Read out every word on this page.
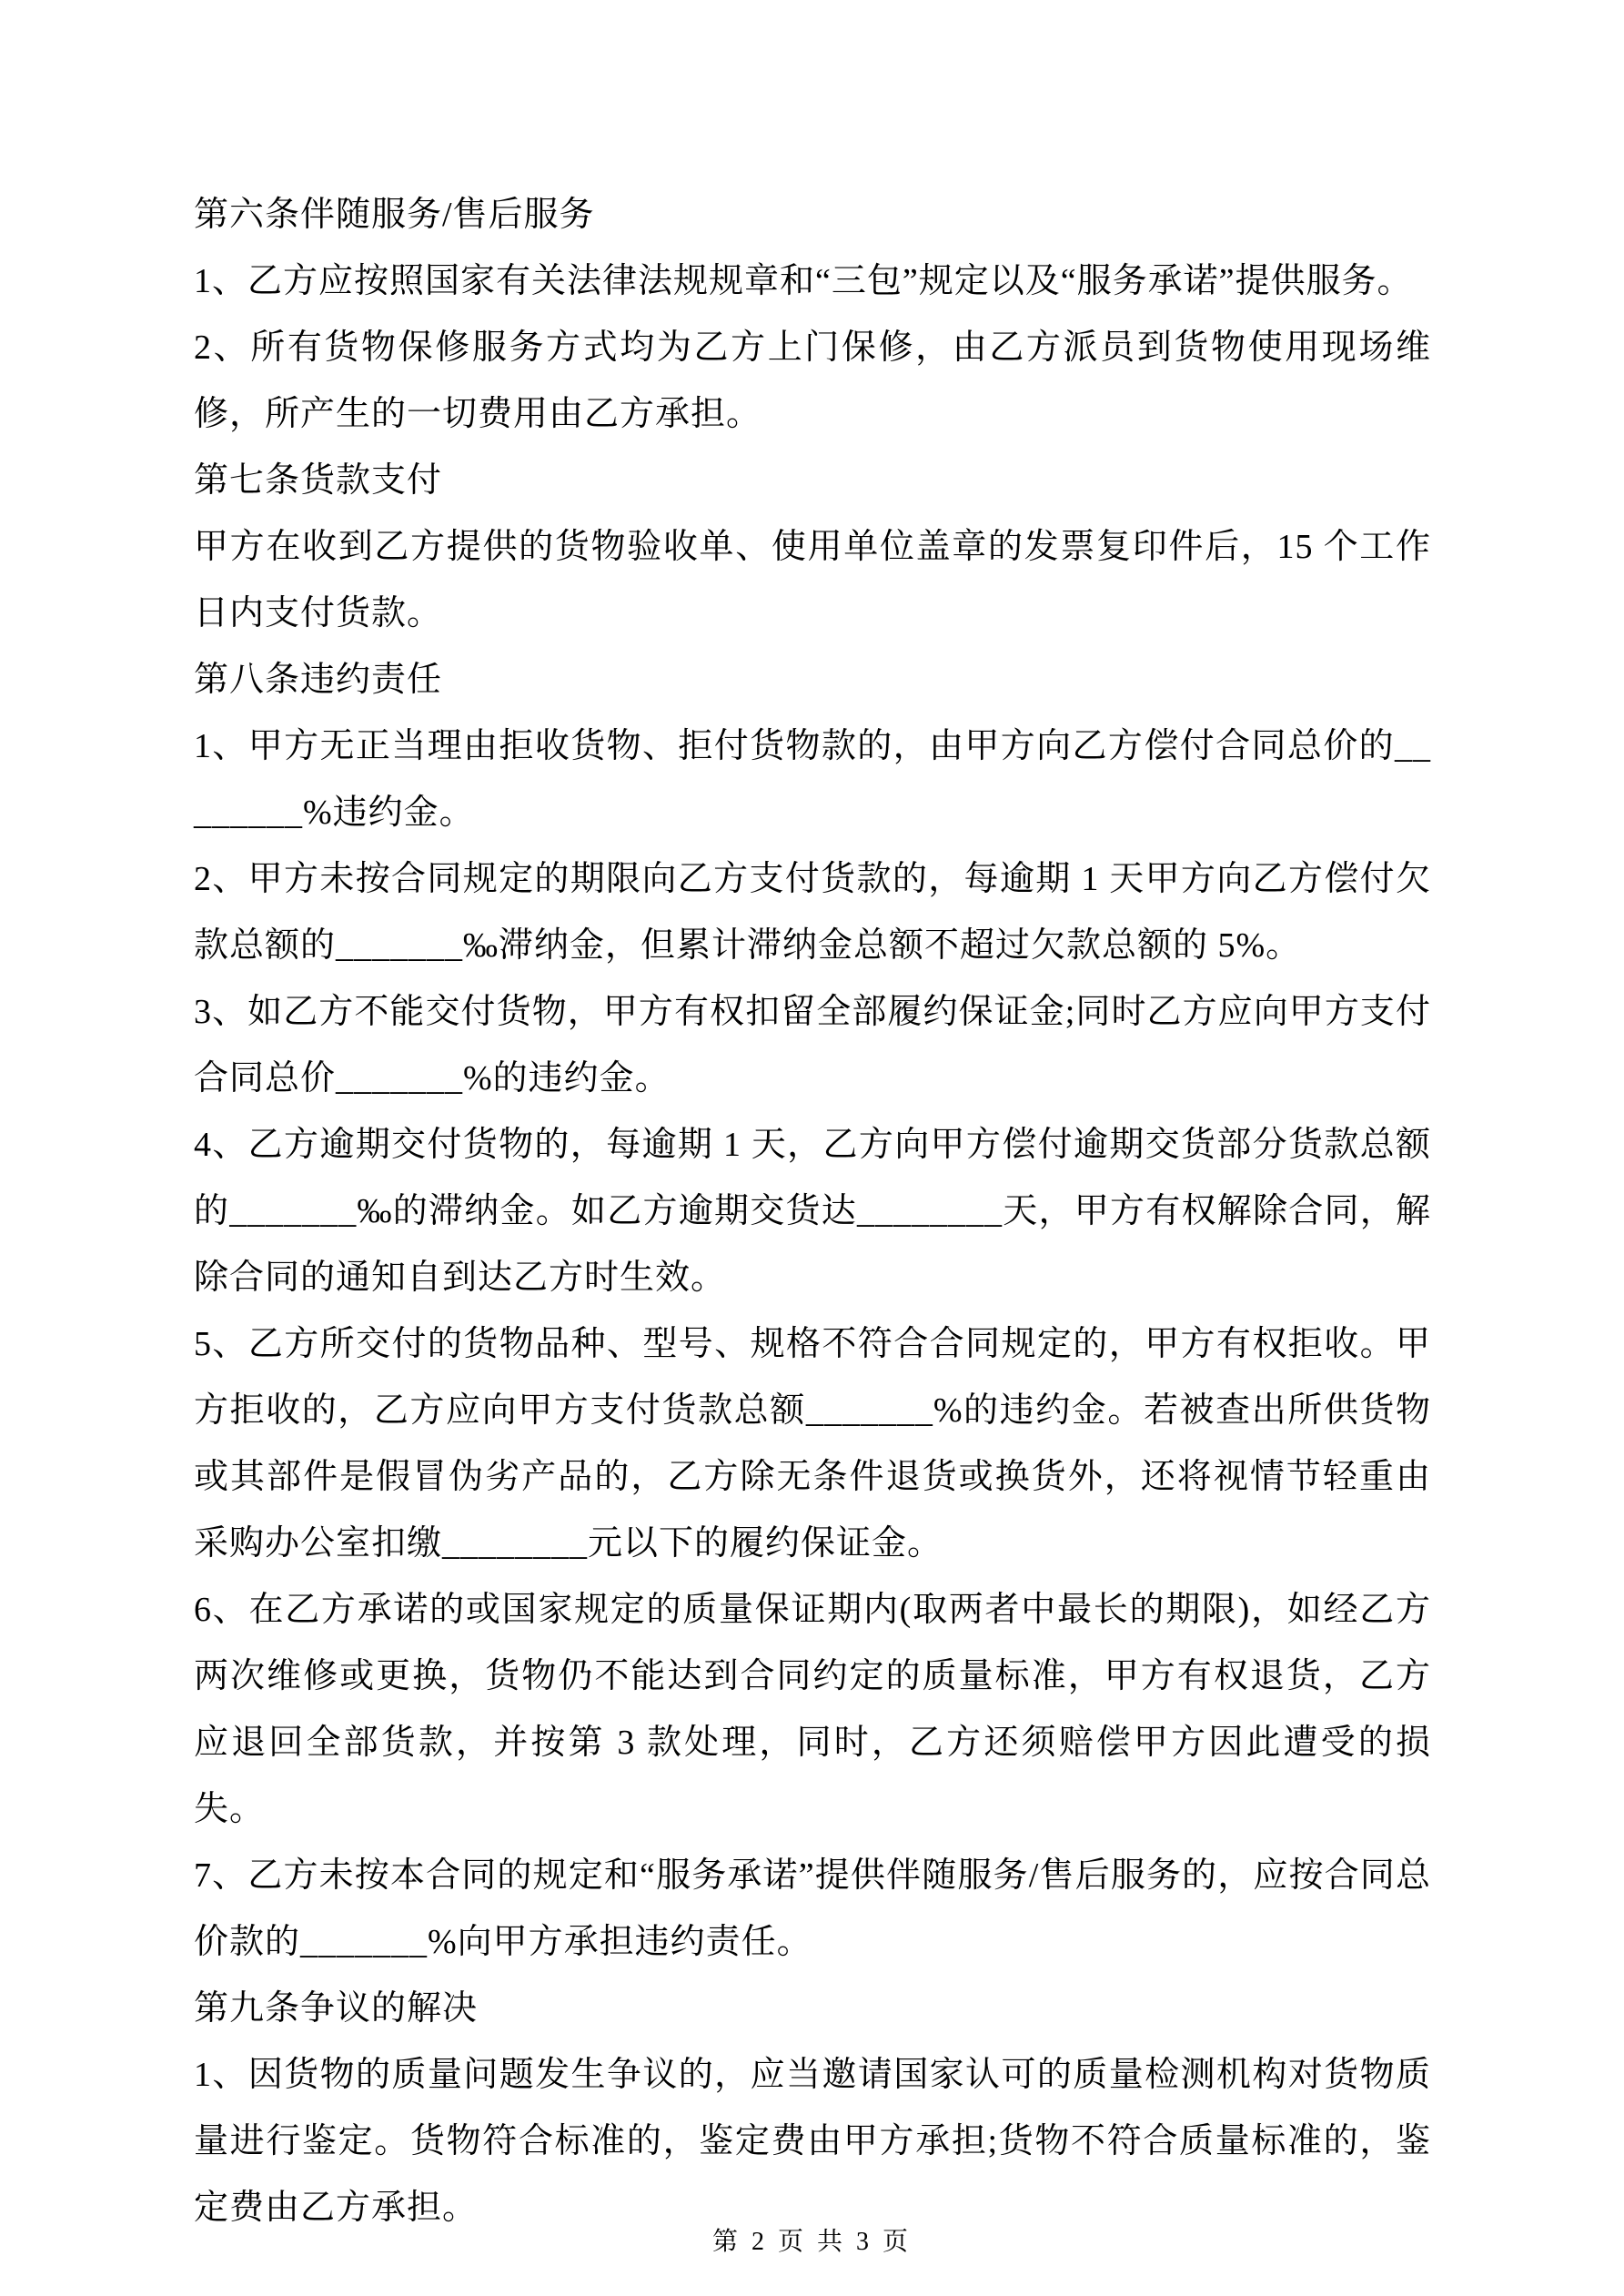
第六条伴随服务/售后服务

1、乙方应按照国家有关法律法规规章和“三包”规定以及“服务承诺”提供服务。

2、所有货物保修服务方式均为乙方上门保修，由乙方派员到货物使用现场维修，所产生的一切费用由乙方承担。

第七条货款支付

甲方在收到乙方提供的货物验收单、使用单位盖章的发票复印件后，15 个工作日内支付货款。

第八条违约责任

1、甲方无正当理由拒收货物、拒付货物款的，由甲方向乙方偿付合同总价的________%违约金。

2、甲方未按合同规定的期限向乙方支付货款的，每逾期 1 天甲方向乙方偿付欠款总额的_______‰滞纳金，但累计滞纳金总额不超过欠款总额的 5%。

3、如乙方不能交付货物，甲方有权扣留全部履约保证金;同时乙方应向甲方支付合同总价_______%的违约金。

4、乙方逾期交付货物的，每逾期 1 天，乙方向甲方偿付逾期交货部分货款总额的_______‰的滞纳金。如乙方逾期交货达________天，甲方有权解除合同，解除合同的通知自到达乙方时生效。

5、乙方所交付的货物品种、型号、规格不符合合同规定的，甲方有权拒收。甲方拒收的，乙方应向甲方支付货款总额_______%的违约金。若被查出所供货物或其部件是假冒伪劣产品的，乙方除无条件退货或换货外，还将视情节轻重由采购办公室扣缴________元以下的履约保证金。

6、在乙方承诺的或国家规定的质量保证期内(取两者中最长的期限)，如经乙方两次维修或更换，货物仍不能达到合同约定的质量标准，甲方有权退货，乙方应退回全部货款，并按第 3 款处理，同时，乙方还须赔偿甲方因此遭受的损失。

7、乙方未按本合同的规定和“服务承诺”提供伴随服务/售后服务的，应按合同总价款的_______%向甲方承担违约责任。

第九条争议的解决

1、因货物的质量问题发生争议的，应当邀请国家认可的质量检测机构对货物质量进行鉴定。货物符合标准的，鉴定费由甲方承担;货物不符合质量标准的，鉴定费由乙方承担。

第 2 页 共 3 页
